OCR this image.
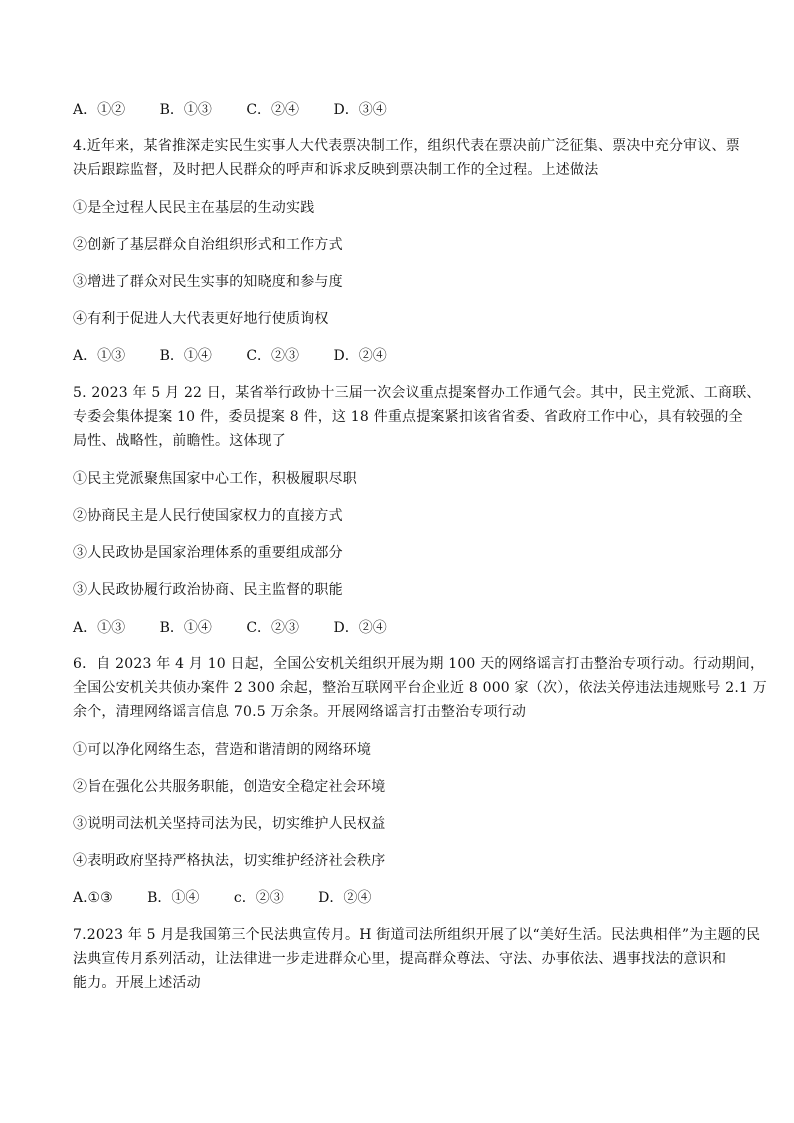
A．①② B．①③ C．②④ D．③④
4.近年来，某省推深走实民生实事人大代表票决制工作，组织代表在票决前广泛征集、票决中充分审议、票
决后跟踪监督，及时把人民群众的呼声和诉求反映到票决制工作的全过程。上述做法
①是全过程人民民主在基层的生动实践
②创新了基层群众自治组织形式和工作方式
③增进了群众对民生实事的知晓度和参与度
④有利于促进人大代表更好地行使质询权
A．①③ B．①④ C．②③ D．②④
5. 2023 年 5 月 22 日，某省举行政协十三届一次会议重点提案督办工作通气会。其中，民主党派、工商联、
专委会集体提案 10 件，委员提案 8 件，这 18 件重点提案紧扣该省省委、省政府工作中心，具有较强的全
局性、战略性，前瞻性。这体现了
①民主党派聚焦国家中心工作，积极履职尽职
②协商民主是人民行使国家权力的直接方式
③人民政协是国家治理体系的重要组成部分
③人民政协履行政治协商、民主监督的职能
A．①③ B．①④ C．②③ D．②④
6．自 2023 年 4 月 10 日起，全国公安机关组织开展为期 100 天的网络谣言打击整治专项行动。行动期间，
全国公安机关共侦办案件 2 300 余起，整治互联网平台企业近 8 000 家（次），依法关停违法违规账号 2.1 万
余个，清理网络谣言信息 70.5 万余条。开展网络谣言打击整治专项行动
①可以净化网络生态，营造和谐清朗的网络环境
②旨在强化公共服务职能，创造安全稳定社会环境
③说明司法机关坚持司法为民，切实维护人民权益
④表明政府坚持严格执法，切实维护经济社会秩序
A.①③ B．①④ c．②③ D．②④
7.2023 年 5 月是我国第三个民法典宣传月。H 街道司法所组织开展了以“美好生活。民法典相伴”为主题的民
法典宣传月系列活动，让法律进一步走进群众心里，提高群众尊法、守法、办事依法、遇事找法的意识和
能力。开展上述活动
